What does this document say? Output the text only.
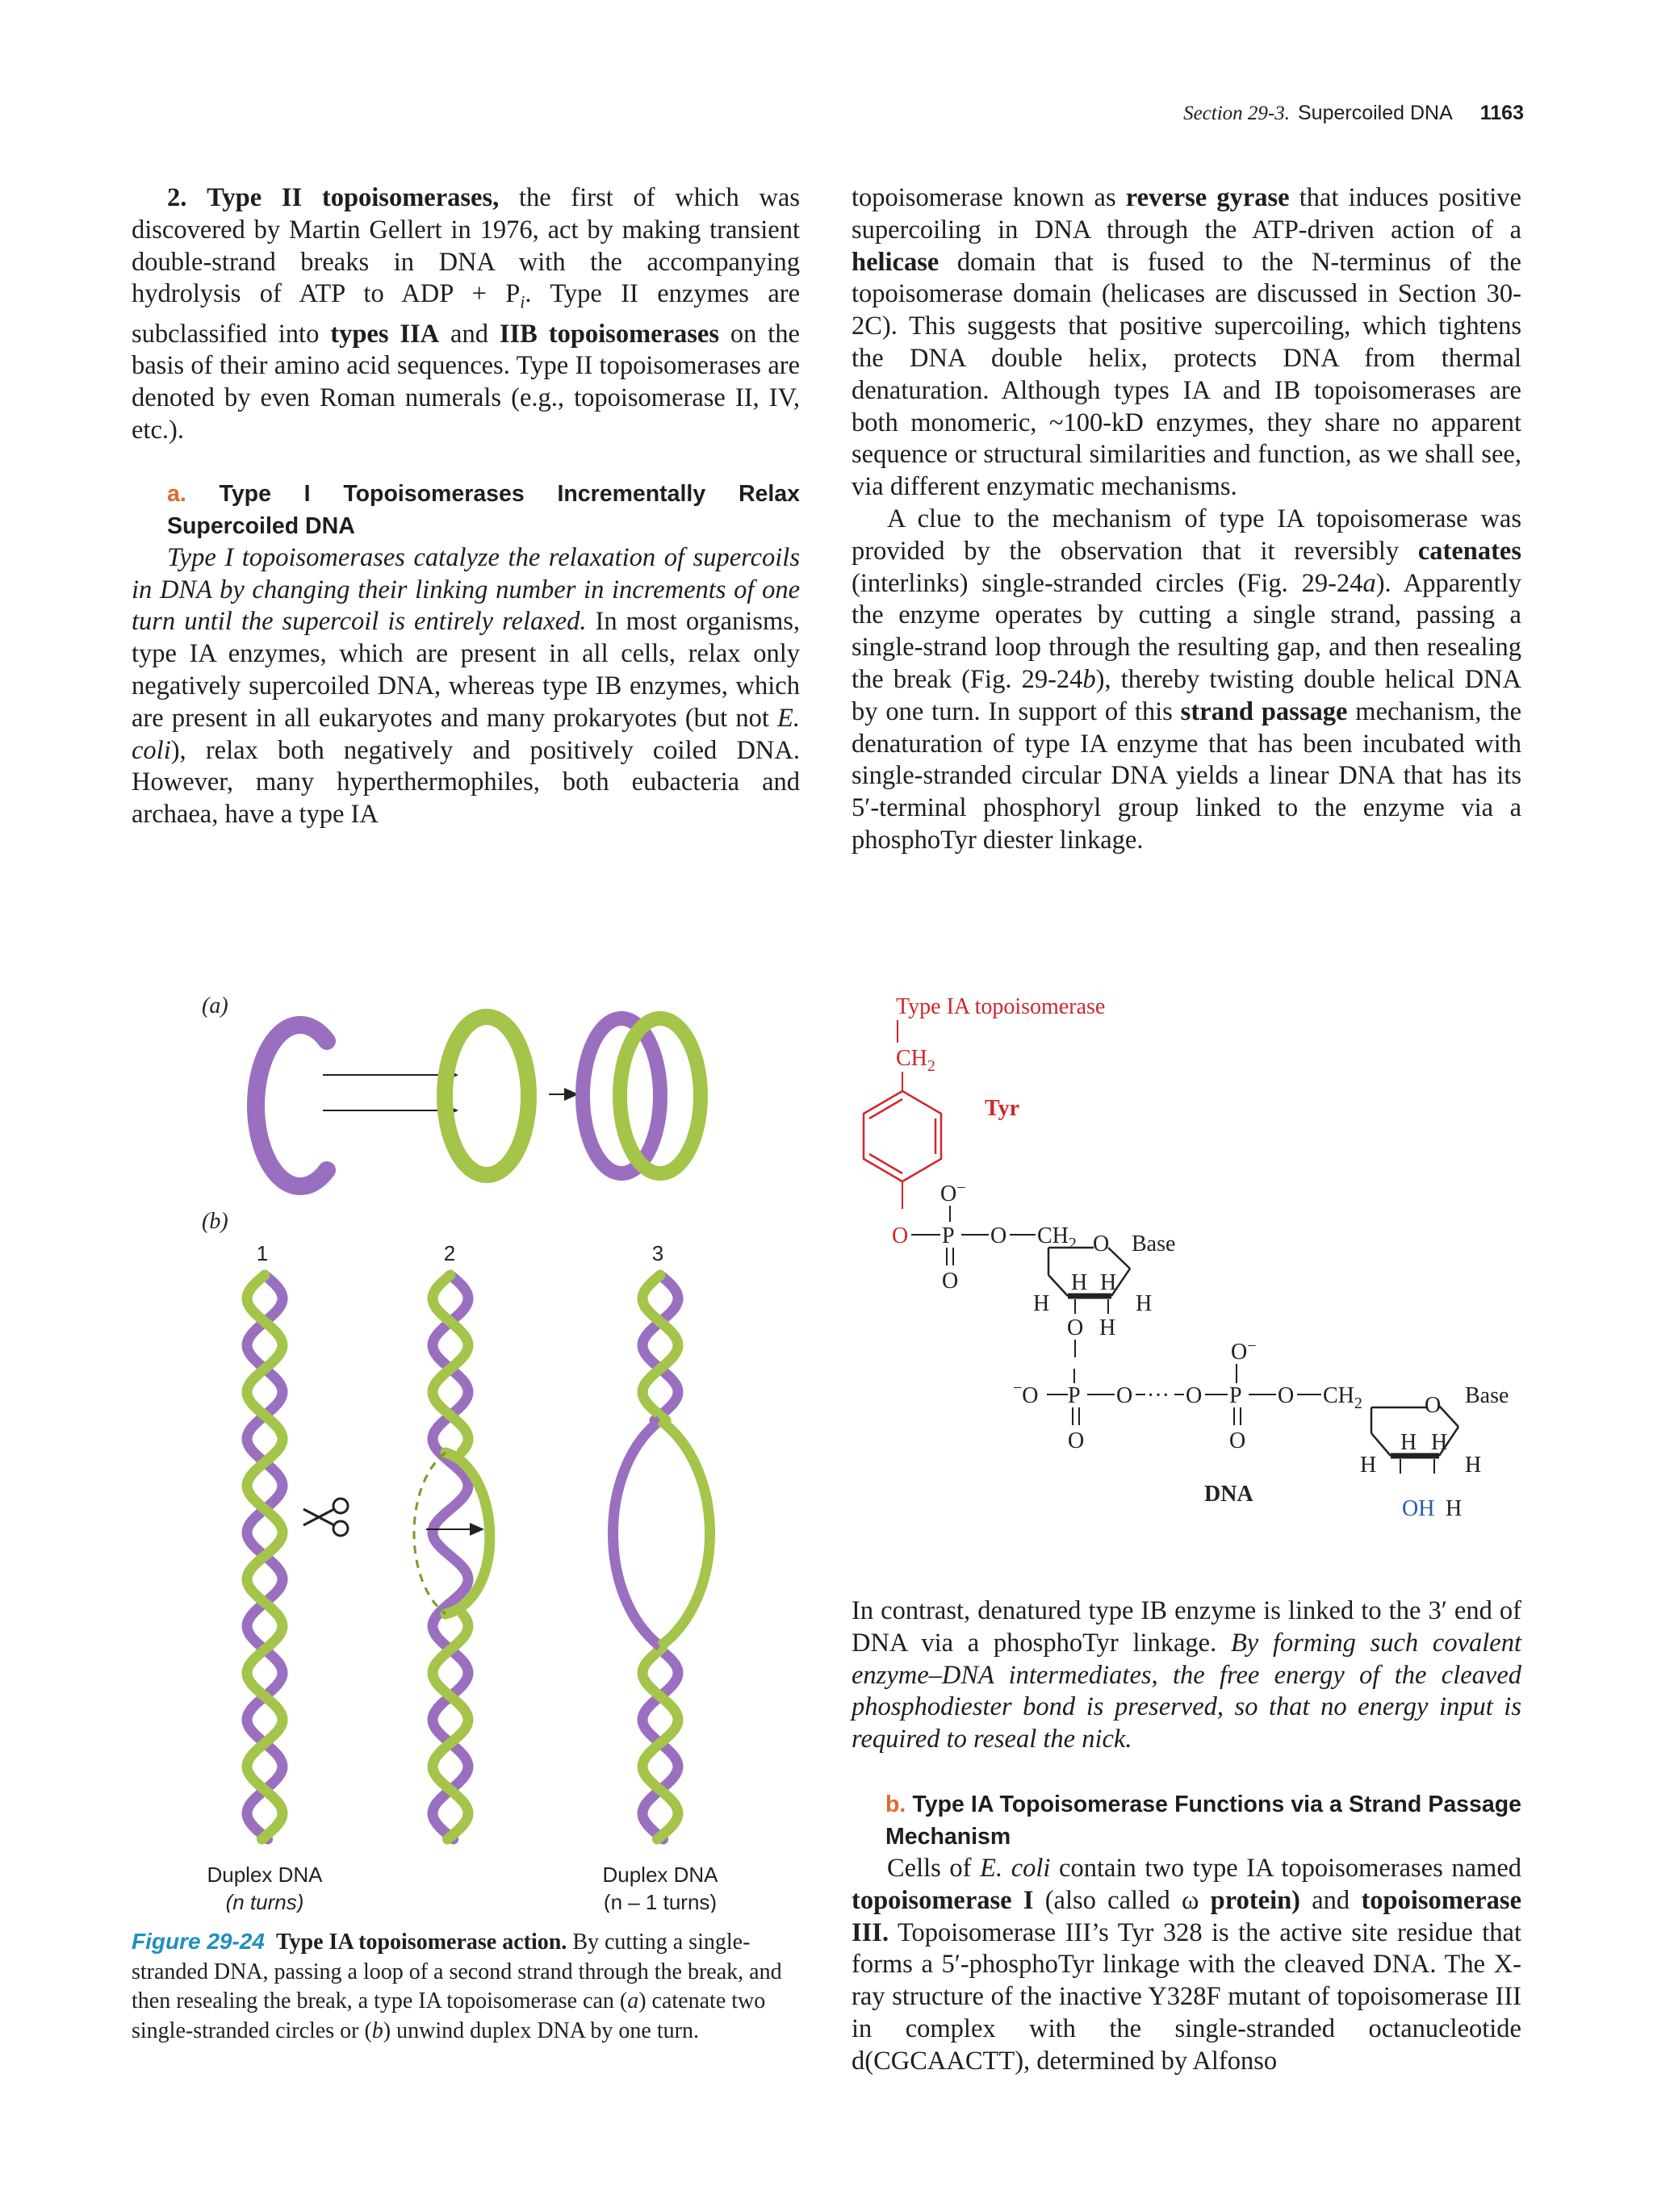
Section 29-3. Supercoiled DNA 1163

2. Type II topoisomerases, the first of which was discovered by Martin Gellert in 1976, act by making transient double-strand breaks in DNA with the accompanying hydrolysis of ATP to ADP + $P_i$. Type II enzymes are subclassified into types IIA and IIB topoisomerases on the basis of their amino acid sequences. Type II topoisomerases are denoted by even Roman numerals (e.g., topoisomerase II, IV, etc.).

a. Type I Topoisomerases Incrementally Relax Supercoiled DNA

Type I topoisomerases catalyze the relaxation of supercoils in DNA by changing their linking number in increments of one turn until the supercoil is entirely relaxed. In most organisms, type IA enzymes, which are present in all cells, relax only negatively supercoiled DNA, whereas type IB enzymes, which are present in all eukaryotes and many prokaryotes (but not E. coli), relax both negatively and positively coiled DNA. However, many hyperthermophiles, both eubacteria and archaea, have a type IA

topoisomerase known as reverse gyrase that induces positive supercoiling in DNA through the ATP-driven action of a helicase domain that is fused to the N-terminus of the topoisomerase domain (helicases are discussed in Section 30-2C). This suggests that positive supercoiling, which tightens the DNA double helix, protects DNA from thermal denaturation. Although types IA and IB topoisomerases are both monomeric, ~100-kD enzymes, they share no apparent sequence or structural similarities and function, as we shall see, via different enzymatic mechanisms.

A clue to the mechanism of type IA topoisomerase was provided by the observation that it reversibly catenates (interlinks) single-stranded circles (Fig. 29-24a). Apparently the enzyme operates by cutting a single strand, passing a single-strand loop through the resulting gap, and then resealing the break (Fig. 29-24b), thereby twisting double helical DNA by one turn. In support of this strand passage mechanism, the denaturation of type IA enzyme that has been incubated with single-stranded circular DNA yields a linear DNA that has its 5′-terminal phosphoryl group linked to the enzyme via a phosphoTyr diester linkage.

In contrast, denatured type IB enzyme is linked to the 3′ end of DNA via a phosphoTyr linkage. By forming such covalent enzyme–DNA intermediates, the free energy of the cleaved phosphodiester bond is preserved, so that no energy input is required to reseal the nick.

b. Type IA Topoisomerase Functions via a Strand Passage Mechanism

Cells of E. coli contain two type IA topoisomerases named topoisomerase I (also called ω protein) and topoisomerase III. Topoisomerase III’s Tyr 328 is the active site residue that forms a 5′-phosphoTyr linkage with the cleaved DNA. The X-ray structure of the inactive Y328F mutant of topoisomerase III in complex with the single-stranded octanucleotide d(CGCAACTT), determined by Alfonso

(a)
(b)
1	2	3
Duplex DNA
(n turns)
Duplex DNA
(n – 1 turns)
Figure 29-24 Type IA topoisomerase action. By cutting a single-stranded DNA, passing a loop of a second strand through the break, and then resealing the break, a type IA topoisomerase can (a) catenate two single-stranded circles or (b) unwind duplex DNA by one turn.
Type IA topoisomerase
$CH_2$
Tyr
O−
O P
O
O $CH_2$ O Base
H H
H	H
O H
−O P
O
O ··· O P
O−
O
O $CH_2$	O Base
H H
H	H
OH H
DNA
